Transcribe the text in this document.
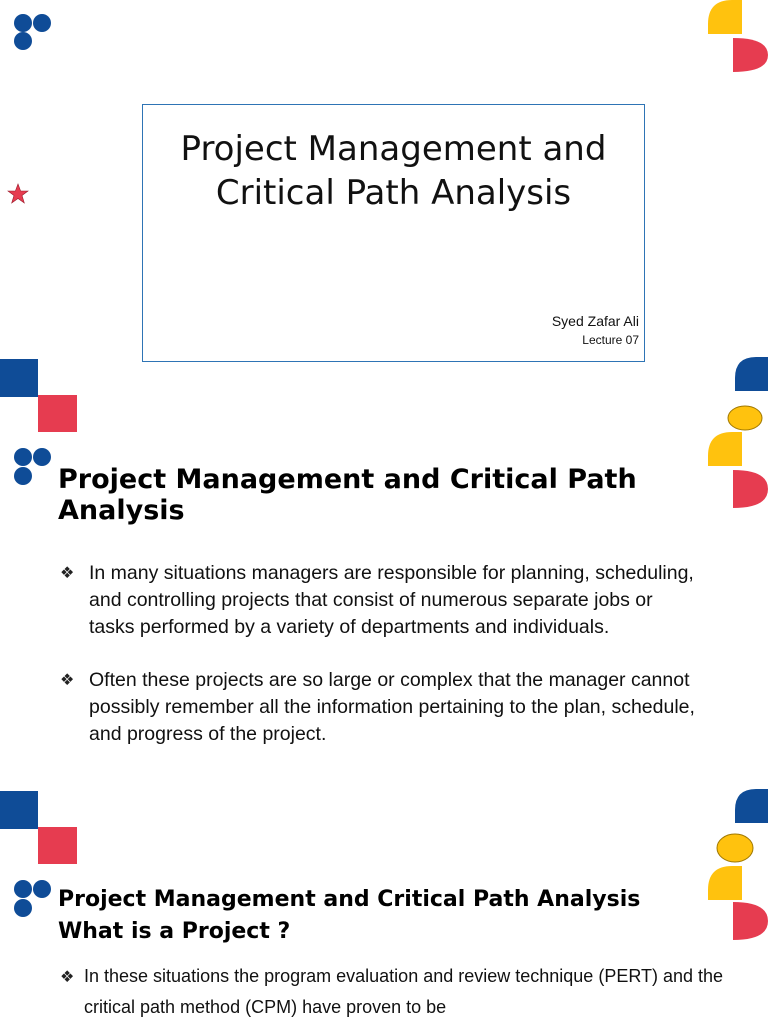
Project Management and Critical Path Analysis
Syed Zafar Ali
Lecture 07
Project Management and Critical Path Analysis
❖ In many situations managers are responsible for planning, scheduling, and controlling projects that consist of numerous separate jobs or tasks performed by a variety of departments and individuals.
❖ Often these projects are so large or complex that the manager cannot possibly remember all the information pertaining to the plan, schedule, and progress of the project.
Project Management and Critical Path Analysis
What is a Project ?
❖ In these situations the program evaluation and review technique (PERT) and the critical path method (CPM) have proven to be
